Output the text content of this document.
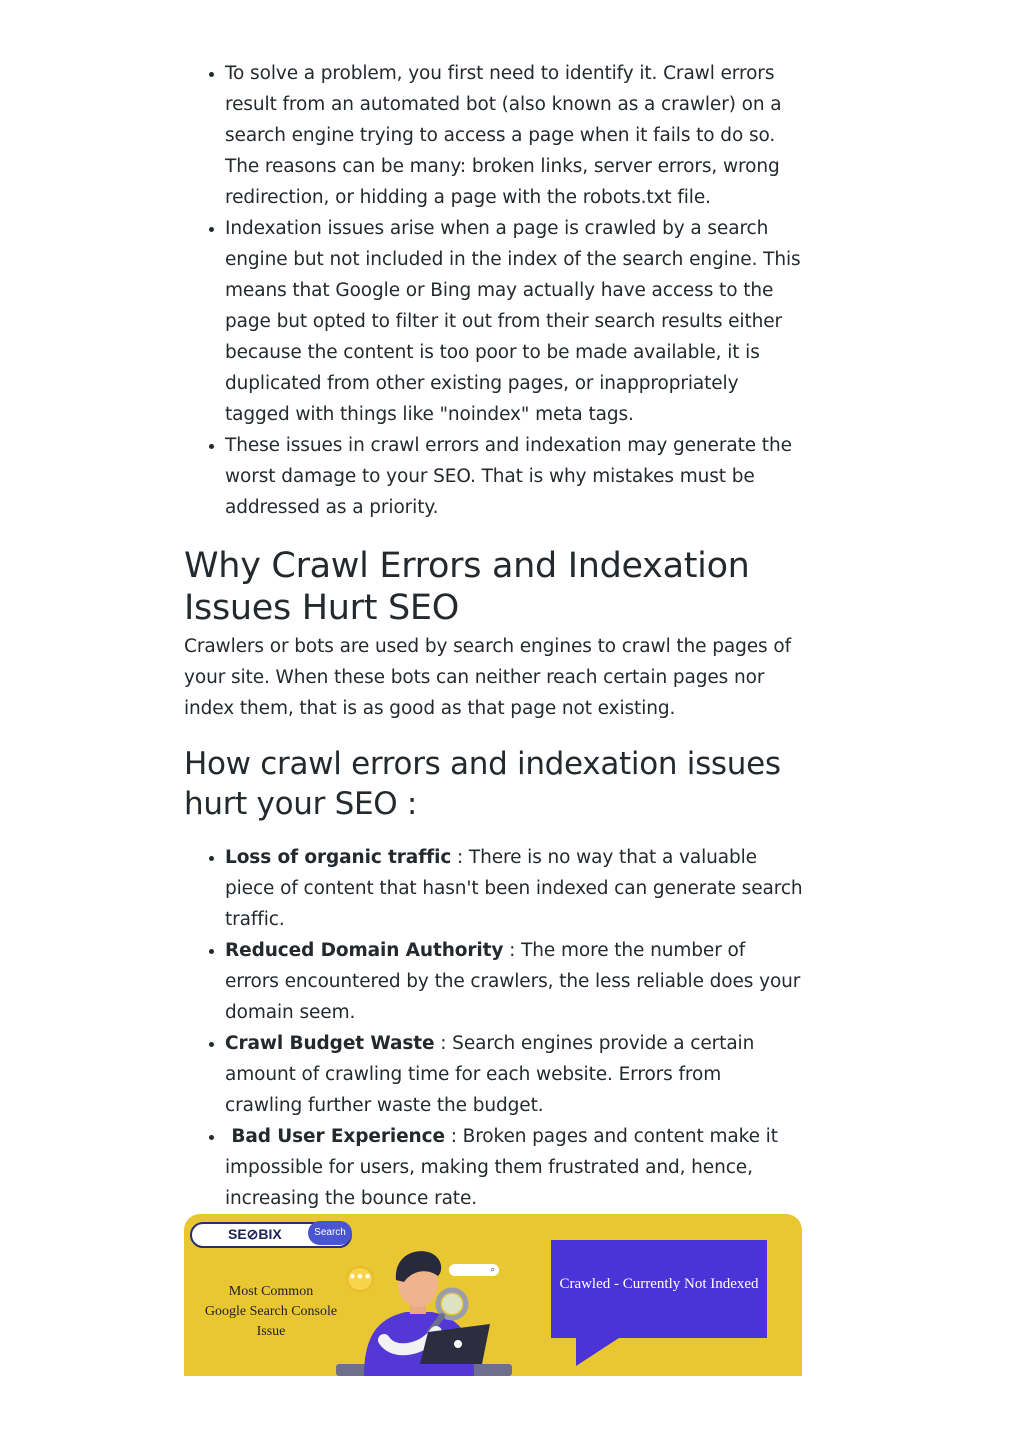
• To solve a problem, you first need to identify it. Crawl errors result from an automated bot (also known as a crawler) on a search engine trying to access a page when it fails to do so. The reasons can be many: broken links, server errors, wrong redirection, or hidding a page with the robots.txt file.
• Indexation issues arise when a page is crawled by a search engine but not included in the index of the search engine. This means that Google or Bing may actually have access to the page but opted to filter it out from their search results either because the content is too poor to be made available, it is duplicated from other existing pages, or inappropriately tagged with things like "noindex" meta tags.
• These issues in crawl errors and indexation may generate the worst damage to your SEO. That is why mistakes must be addressed as a priority.
Why Crawl Errors and Indexation Issues Hurt SEO

Crawlers or bots are used by search engines to crawl the pages of your site. When these bots can neither reach certain pages nor index them, that is as good as that page not existing.

How crawl errors and indexation issues hurt your SEO :
• Loss of organic traffic : There is no way that a valuable piece of content that hasn't been indexed can generate search traffic.
• Reduced Domain Authority : The more the number of errors encountered by the crawlers, the less reliable does your domain seem.
• Crawl Budget Waste : Search engines provide a certain amount of crawling time for each website. Errors from crawling further waste the budget.
•  Bad User Experience : Broken pages and content make it impossible for users, making them frustrated and, hence, increasing the bounce rate.
SE⊘BIX	Search
Most Common
Google Search Console
Issue
•••
⌕
Crawled - Currently Not Indexed
